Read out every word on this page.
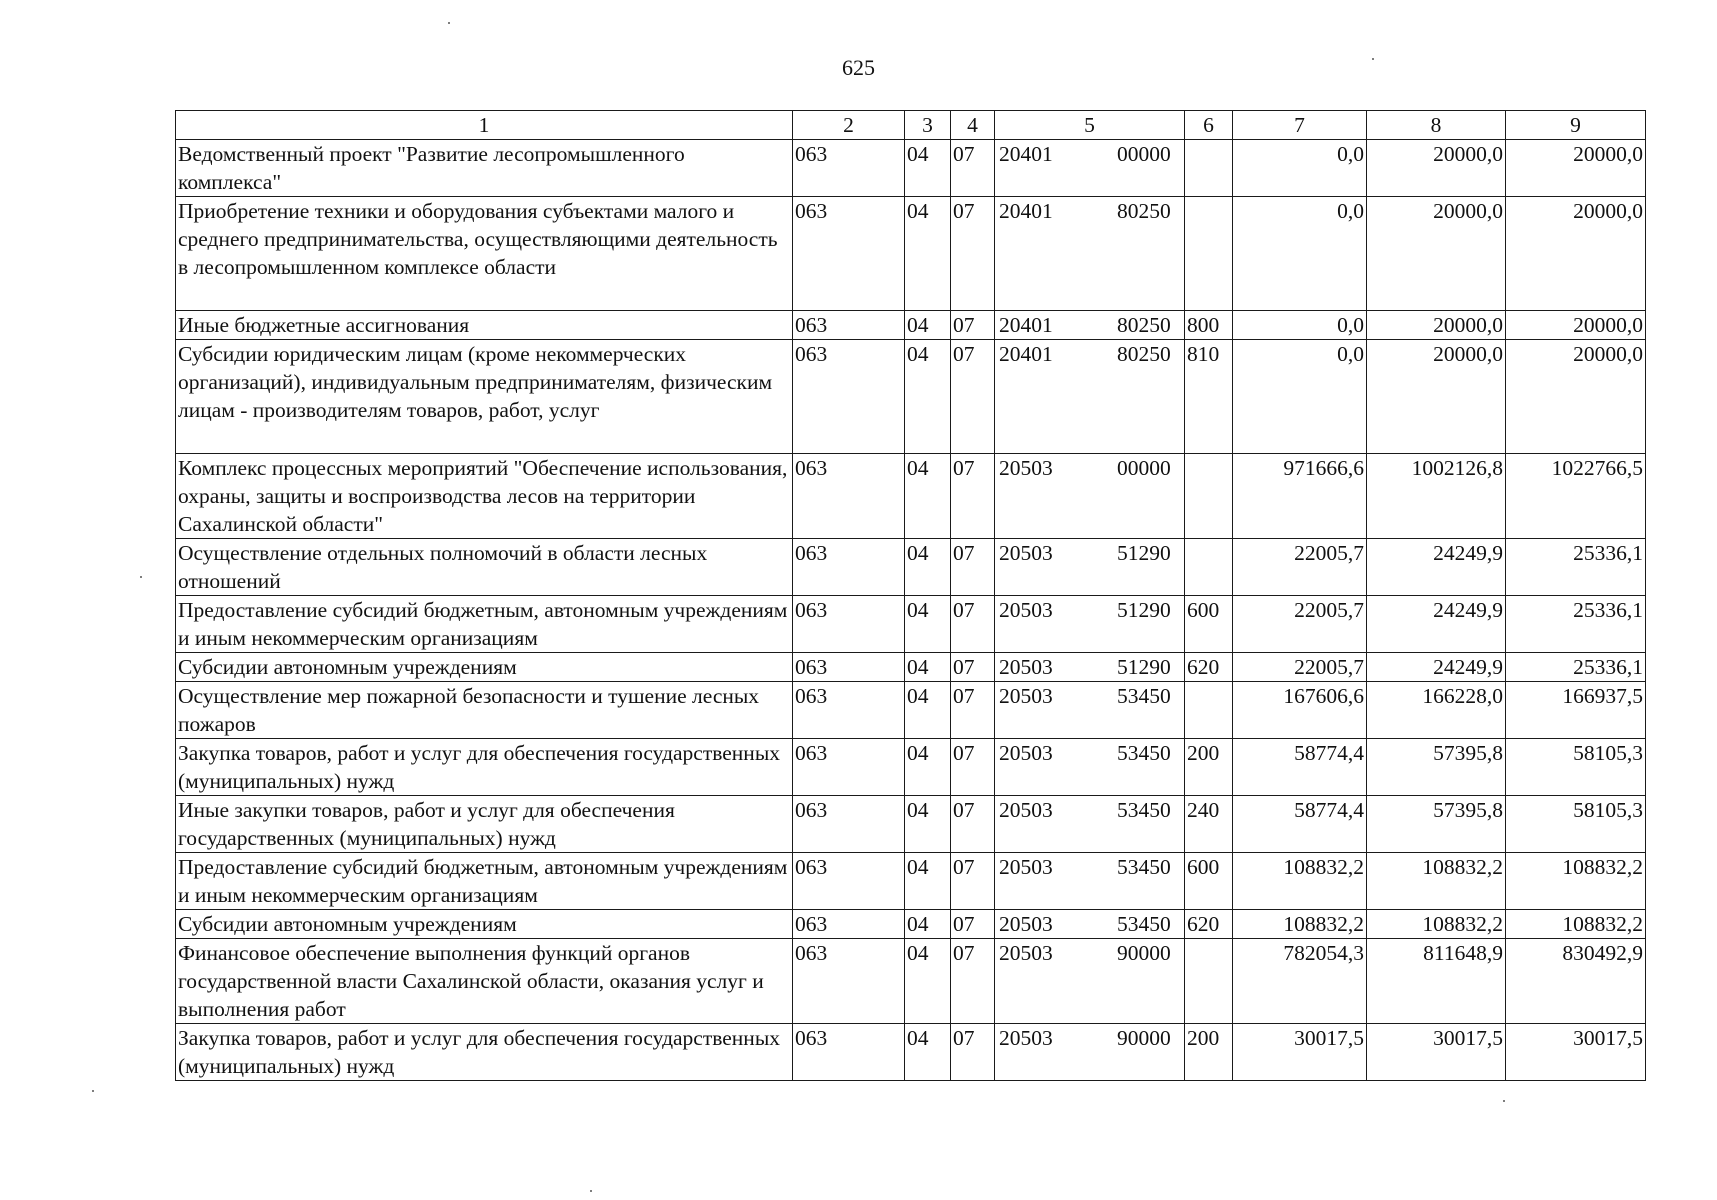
625
1	2	3	4	5	6	7	8	9
Ведомственный проект "Развитие лесопромышленного комплекса"	063	04	07	20401 00000		0,0	20000,0	20000,0
Приобретение техники и оборудования субъектами малого и среднего предпринимательства, осуществляющими деятельность в лесопромышленном комплексе области	063	04	07	20401 80250		0,0	20000,0	20000,0
Иные бюджетные ассигнования	063	04	07	20401 80250	800	0,0	20000,0	20000,0
Субсидии юридическим лицам (кроме некоммерческих организаций), индивидуальным предпринимателям, физическим лицам - производителям товаров, работ, услуг	063	04	07	20401 80250	810	0,0	20000,0	20000,0
Комплекс процессных мероприятий "Обеспечение использования, охраны, защиты и воспроизводства лесов на территории Сахалинской области"	063	04	07	20503 00000		971666,6	1002126,8	1022766,5
Осуществление отдельных полномочий в области лесных отношений	063	04	07	20503 51290		22005,7	24249,9	25336,1
Предоставление субсидий бюджетным, автономным учреждениям и иным некоммерческим организациям	063	04	07	20503 51290	600	22005,7	24249,9	25336,1
Субсидии автономным учреждениям	063	04	07	20503 51290	620	22005,7	24249,9	25336,1
Осуществление мер пожарной безопасности и тушение лесных пожаров	063	04	07	20503 53450		167606,6	166228,0	166937,5
Закупка товаров, работ и услуг для обеспечения государственных (муниципальных) нужд	063	04	07	20503 53450	200	58774,4	57395,8	58105,3
Иные закупки товаров, работ и услуг для обеспечения государственных (муниципальных) нужд	063	04	07	20503 53450	240	58774,4	57395,8	58105,3
Предоставление субсидий бюджетным, автономным учреждениям и иным некоммерческим организациям	063	04	07	20503 53450	600	108832,2	108832,2	108832,2
Субсидии автономным учреждениям	063	04	07	20503 53450	620	108832,2	108832,2	108832,2
Финансовое обеспечение выполнения функций органов государственной власти Сахалинской области, оказания услуг и выполнения работ	063	04	07	20503 90000		782054,3	811648,9	830492,9
Закупка товаров, работ и услуг для обеспечения государственных (муниципальных) нужд	063	04	07	20503 90000	200	30017,5	30017,5	30017,5
